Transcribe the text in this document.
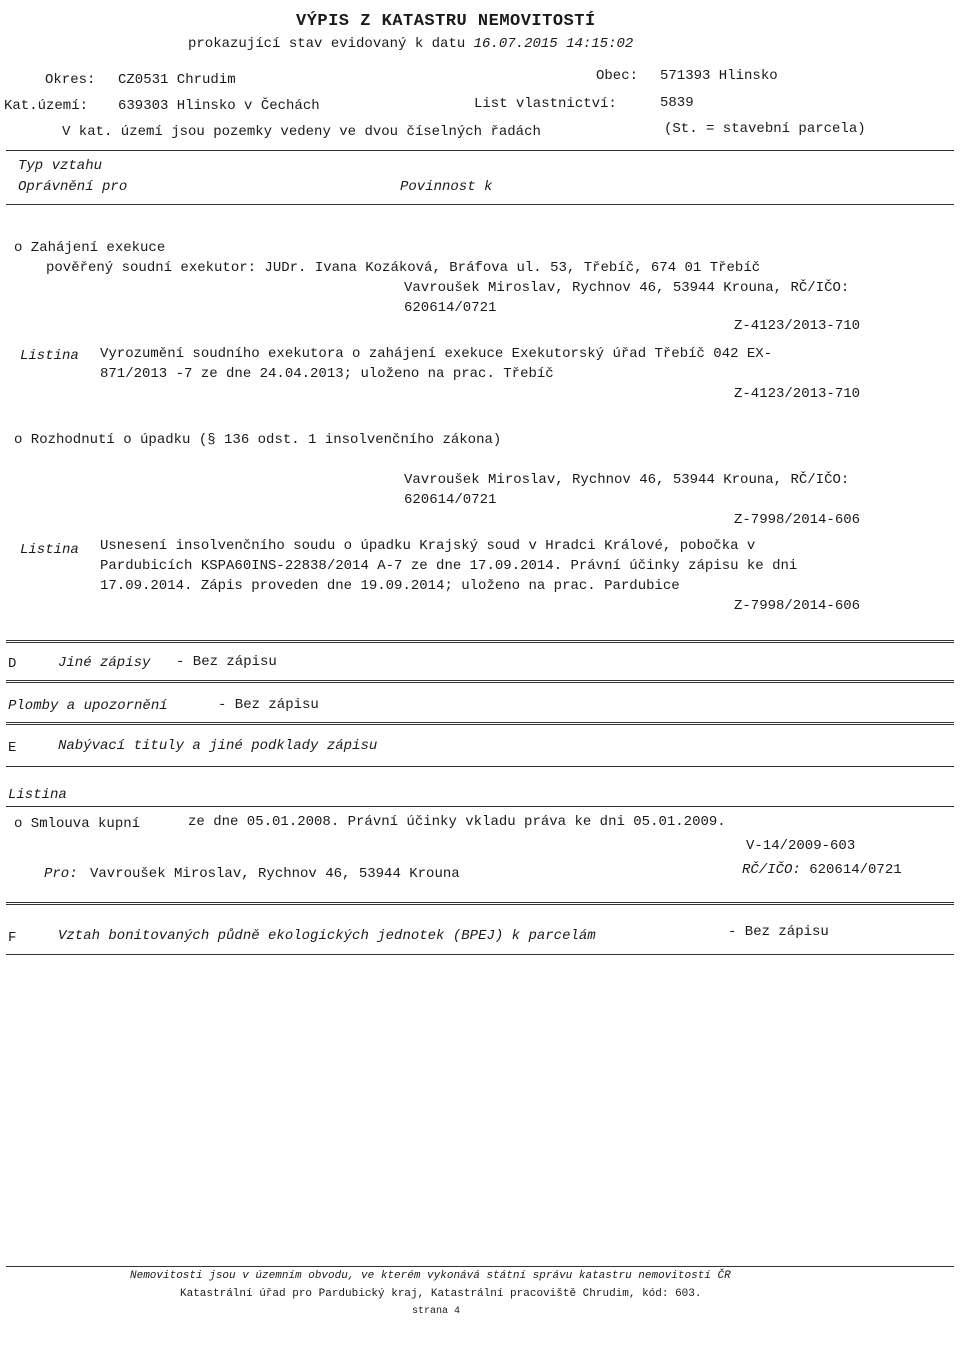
VÝPIS Z KATASTRU NEMOVITOSTÍ
prokazující stav evidovaný k datu 16.07.2015 14:15:02
Okres: CZ0531 Chrudim	Obec: 571393 Hlinsko
Kat.území: 639303 Hlinsko v Čechách	List vlastnictví:	5839
V kat. území jsou pozemky vedeny ve dvou číselných řadách	(St. = stavební parcela)
Typ vztahu
Oprávnění pro	Povinnost k
o Zahájení exekuce
pověřený soudní exekutor: JUDr. Ivana Kozáková, Bráfova ul. 53, Třebíč, 674 01 Třebíč
Vavroušek Miroslav, Rychnov 46, 53944 Krouna, RČ/IČO:
620614/0721
Z-4123/2013-710
Listina Vyrozumění soudního exekutora o zahájení exekuce Exekutorský úřad Třebíč 042 EX-
871/2013 -7 ze dne 24.04.2013; uloženo na prac. Třebíč
Z-4123/2013-710
o Rozhodnutí o úpadku (§ 136 odst. 1 insolvenčního zákona)
Vavroušek Miroslav, Rychnov 46, 53944 Krouna, RČ/IČO:
620614/0721
Z-7998/2014-606
Listina Usnesení insolvenčního soudu o úpadku Krajský soud v Hradci Králové, pobočka v
Pardubicích KSPA60INS-22838/2014 A-7 ze dne 17.09.2014. Právní účinky zápisu ke dni
17.09.2014. Zápis proveden dne 19.09.2014; uloženo na prac. Pardubice
Z-7998/2014-606
D	Jiné zápisy - Bez zápisu
Plomby a upozornění	- Bez zápisu
E	Nabývací tituly a jiné podklady zápisu
Listina
o Smlouva kupní	ze dne 05.01.2008. Právní účinky vkladu práva ke dni 05.01.2009.
V-14/2009-603
Pro: Vavroušek Miroslav, Rychnov 46, 53944 Krouna	RČ/IČO: 620614/0721
F	Vztah bonitovaných půdně ekologických jednotek (BPEJ) k parcelám	- Bez zápisu
Nemovitosti jsou v územním obvodu, ve kterém vykonává státní správu katastru nemovitostí ČR
Katastrální úřad pro Pardubický kraj, Katastrální pracoviště Chrudim, kód: 603.
strana 4
